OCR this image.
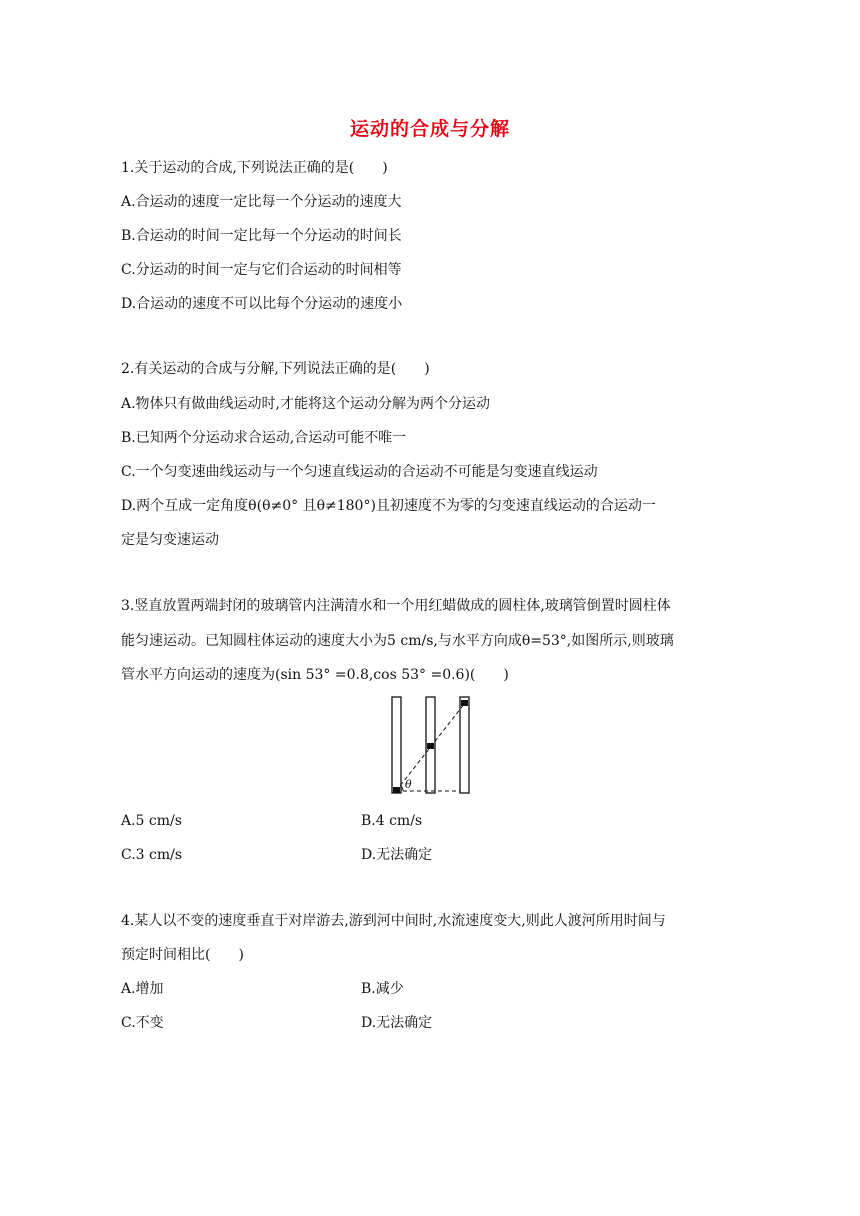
运动的合成与分解
1.关于运动的合成,下列说法正确的是(　　)
A.合运动的速度一定比每一个分运动的速度大
B.合运动的时间一定比每一个分运动的时间长
C.分运动的时间一定与它们合运动的时间相等
D.合运动的速度不可以比每个分运动的速度小
2.有关运动的合成与分解,下列说法正确的是(　　)
A.物体只有做曲线运动时,才能将这个运动分解为两个分运动
B.已知两个分运动求合运动,合运动可能不唯一
C.一个匀变速曲线运动与一个匀速直线运动的合运动不可能是匀变速直线运动
D.两个互成一定角度θ(θ≠0° 且θ≠180°)且初速度不为零的匀变速直线运动的合运动一
定是匀变速运动
3.竖直放置两端封闭的玻璃管内注满清水和一个用红蜡做成的圆柱体,玻璃管倒置时圆柱体
能匀速运动。已知圆柱体运动的速度大小为5 cm/s,与水平方向成θ=53°,如图所示,则玻璃
管水平方向运动的速度为(sin 53° =0.8,cos 53° =0.6)(　　)
θ
A.5 cm/s	B.4 cm/s
C.3 cm/s	D.无法确定
4.某人以不变的速度垂直于对岸游去,游到河中间时,水流速度变大,则此人渡河所用时间与
预定时间相比(　　)
A.增加	B.减少
C.不变	D.无法确定
